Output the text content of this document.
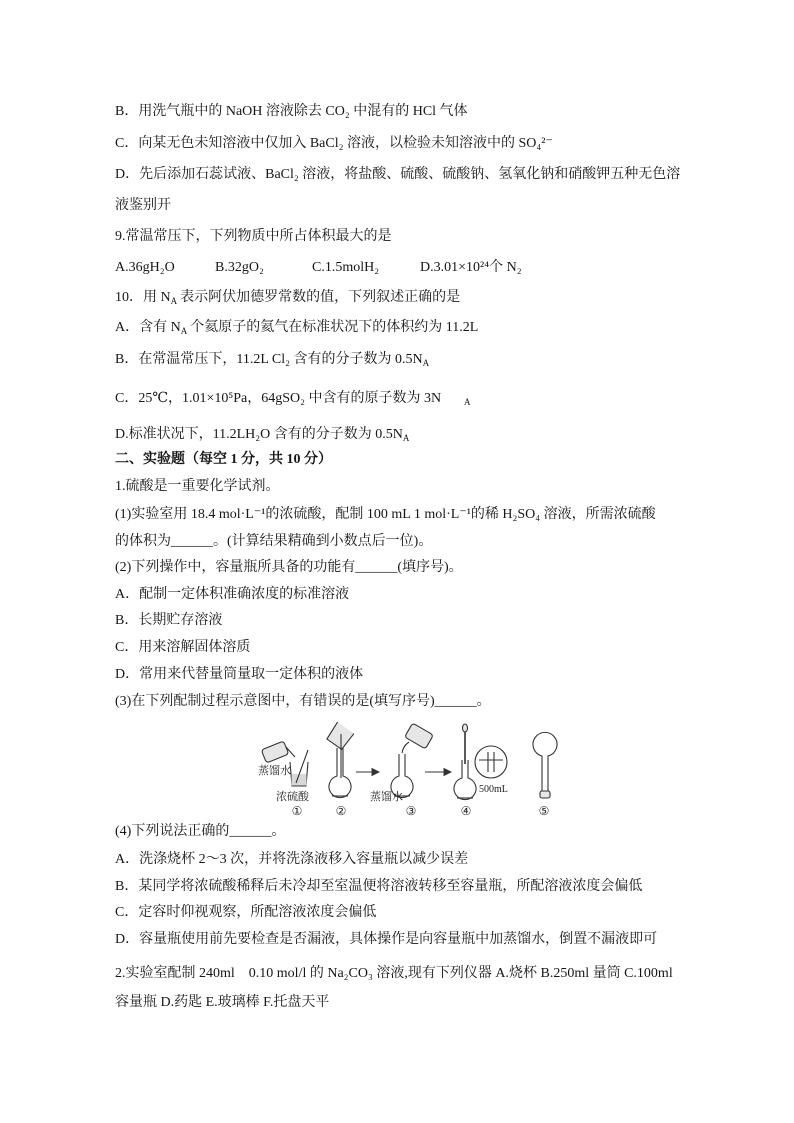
B．用洗气瓶中的 NaOH 溶液除去 CO₂ 中混有的 HCl 气体
C．向某无色未知溶液中仅加入 BaCl₂ 溶液，以检验未知溶液中的 SO₄²⁻
D．先后添加石蕊试液、BaCl₂ 溶液，将盐酸、硫酸、硫酸钠、氢氧化钠和硝酸钾五种无色溶
液鉴别开
9.常温常压下，下列物质中所占体积最大的是
A.36gH₂O	B.32gO₂	C.1.5molH₂	D.3.01×10²⁴个 N₂
10．用 $N_A$ 表示阿伏加德罗常数的值，下列叙述正确的是
A．含有 $N_A$ 个氦原子的氦气在标准状况下的体积约为 11.2L
B．在常温常压下，11.2L Cl₂ 含有的分子数为 $0.5N_A$
C．25℃，1.01×10⁵Pa，64gSO₂ 中含有的原子数为 3N	A
D.标准状况下，11.2LH₂O 含有的分子数为 $0.5N_A$
二、实验题（每空 1 分，共 10 分）
1.硫酸是一重要化学试剂。
(1)实验室用 18.4 mol·L⁻¹的浓硫酸，配制 100 mL 1 mol·L⁻¹的稀 H₂SO₄ 溶液，所需浓硫酸
的体积为______。(计算结果精确到小数点后一位)。
(2)下列操作中，容量瓶所具备的功能有______(填序号)。
A．配制一定体积准确浓度的标准溶液
B．长期贮存溶液
C．用来溶解固体溶质
D．常用来代替量筒量取一定体积的液体
(3)在下列配制过程示意图中，有错误的是(填写序号)______。
蒸馏水
浓硫酸
①	②
蒸馏水
③
500mL
④	⑤
(4)下列说法正确的______。
A．洗涤烧杯 2～3 次，并将洗涤液移入容量瓶以减少误差
B．某同学将浓硫酸稀释后未冷却至室温便将溶液转移至容量瓶，所配溶液浓度会偏低
C．定容时仰视观察，所配溶液浓度会偏低
D．容量瓶使用前先要检查是否漏液，具体操作是向容量瓶中加蒸馏水，倒置不漏液即可
2.实验室配制 240ml　0.10 mol/l 的 Na₂CO₃ 溶液,现有下列仪器 A.烧杯 B.250ml 量筒 C.100ml
容量瓶 D.药匙 E.玻璃棒 F.托盘天平
